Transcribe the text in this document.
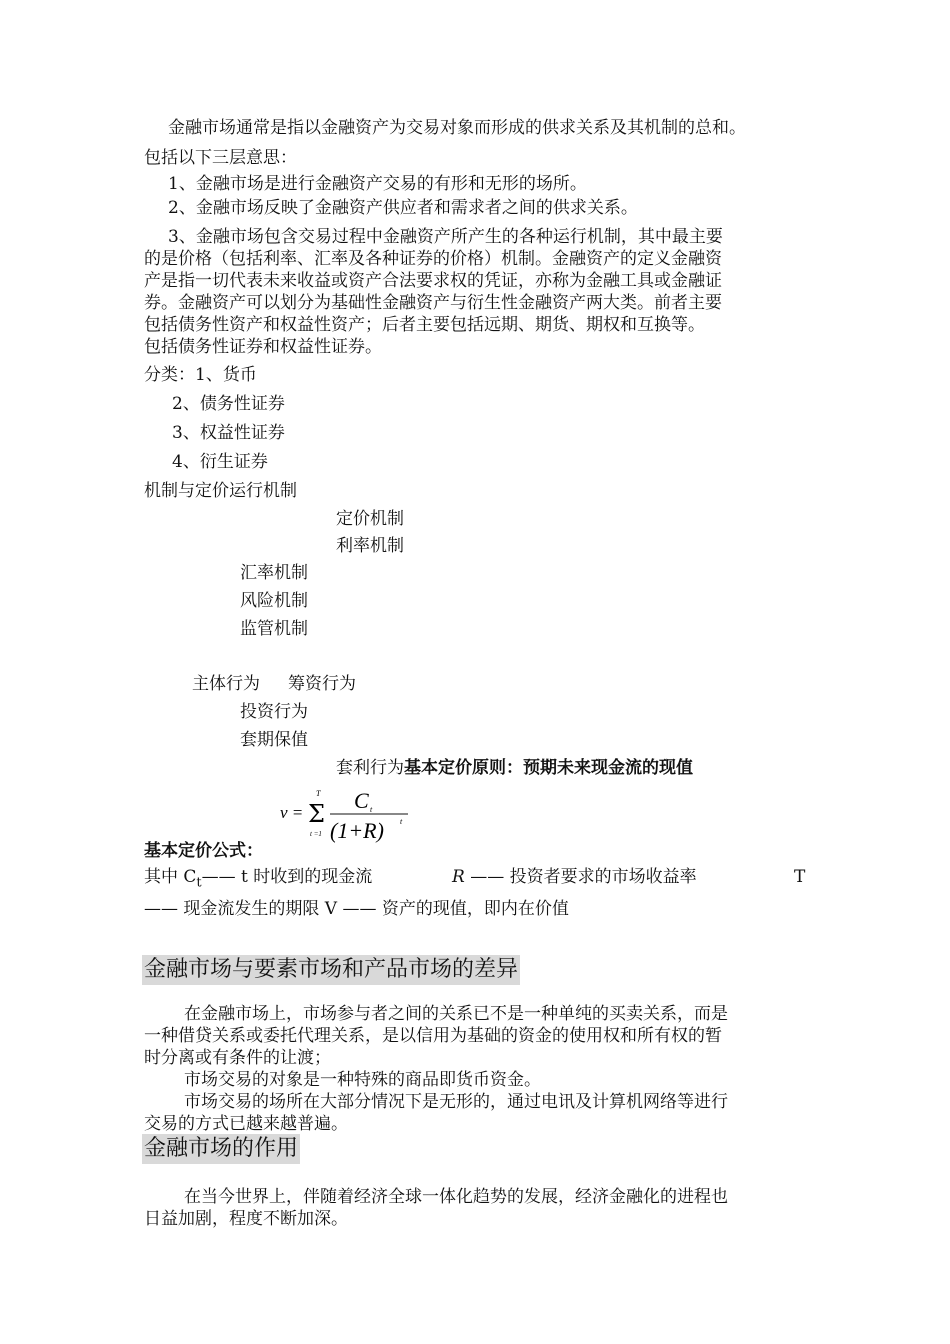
金融市场通常是指以金融资产为交易对象而形成的供求关系及其机制的总和。
包括以下三层意思：
1、金融市场是进行金融资产交易的有形和无形的场所。
2、金融市场反映了金融资产供应者和需求者之间的供求关系。
3、金融市场包含交易过程中金融资产所产生的各种运行机制，其中最主要
的是价格（包括利率、汇率及各种证券的价格）机制。金融资产的定义金融资
产是指一切代表未来收益或资产合法要求权的凭证，亦称为金融工具或金融证
券。金融资产可以划分为基础性金融资产与衍生性金融资产两大类。前者主要
包括债务性资产和权益性资产；后者主要包括远期、期货、期权和互换等。
包括债务性证券和权益性证券。
分类：1、货币
2、债务性证券
3、权益性证券
4、衍生证券
机制与定价运行机制
定价机制
利率机制
汇率机制
风险机制
监管机制
主体行为 筹资行为
投资行为
套期保值
套利行为基本定价原则：预期未来现金流的现值
v =
T
Σ
t =1
C t
(1+R) t
基本定价公式：
其中 $C_t——$ t 时收到的现金流	R —— 投资者要求的市场收益率	T
—— 现金流发生的期限 V —— 资产的现值，即内在价值
金融市场与要素市场和产品市场的差异
在金融市场上，市场参与者之间的关系已不是一种单纯的买卖关系，而是
一种借贷关系或委托代理关系，是以信用为基础的资金的使用权和所有权的暂
时分离或有条件的让渡；
市场交易的对象是一种特殊的商品即货币资金。
市场交易的场所在大部分情况下是无形的，通过电讯及计算机网络等进行
交易的方式已越来越普遍。
金融市场的作用
在当今世界上，伴随着经济全球一体化趋势的发展，经济金融化的进程也
日益加剧，程度不断加深。
